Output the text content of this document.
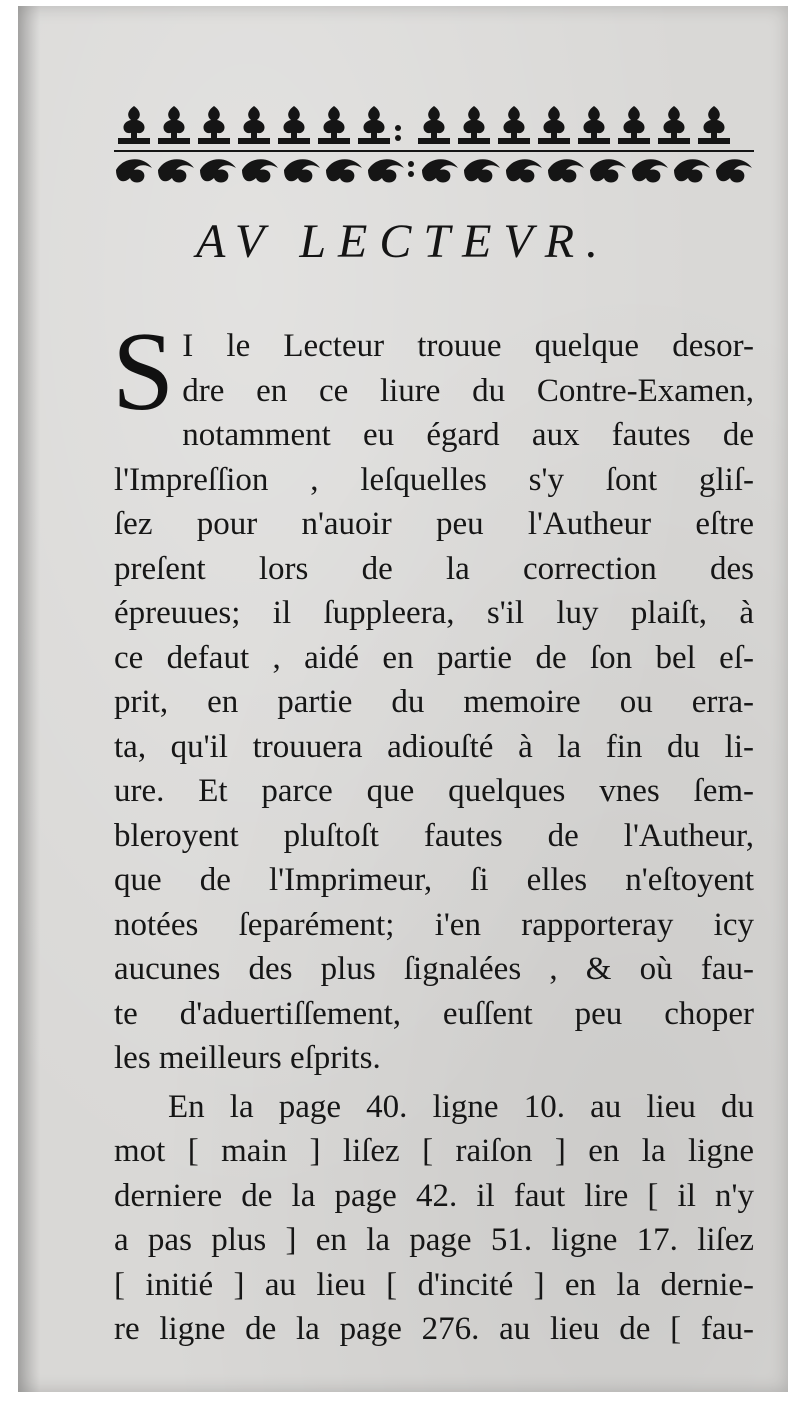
AV LECTEVR.
S I le Lecteur trouue quelque desor-
dre en ce liure du Contre-Examen,
notamment eu égard aux fautes de
l'Impreſſion , leſquelles s'y ſont gliſ-
ſez pour n'auoir peu l'Autheur eſtre
preſent lors de la correction des
épreuues; il ſuppleera, s'il luy plaiſt, à
ce defaut , aidé en partie de ſon bel eſ-
prit, en partie du memoire ou erra-
ta, qu'il trouuera adiouſté à la fin du li-
ure. Et parce que quelques vnes ſem-
bleroyent pluſtoſt fautes de l'Autheur,
que de l'Imprimeur, ſi elles n'eſtoyent
notées ſeparément; i'en rapporteray icy
aucunes des plus ſignalées , & où fau-
te d'aduertiſſement, euſſent peu choper
les meilleurs eſprits.
En la page 40. ligne 10. au lieu du
mot [ main ] liſez [ raiſon ] en la ligne
derniere de la page 42. il faut lire [ il n'y
a pas plus ] en la page 51. ligne 17. liſez
[ initié ] au lieu [ d'incité ] en la dernie-
re ligne de la page 276. au lieu de [ fau-
